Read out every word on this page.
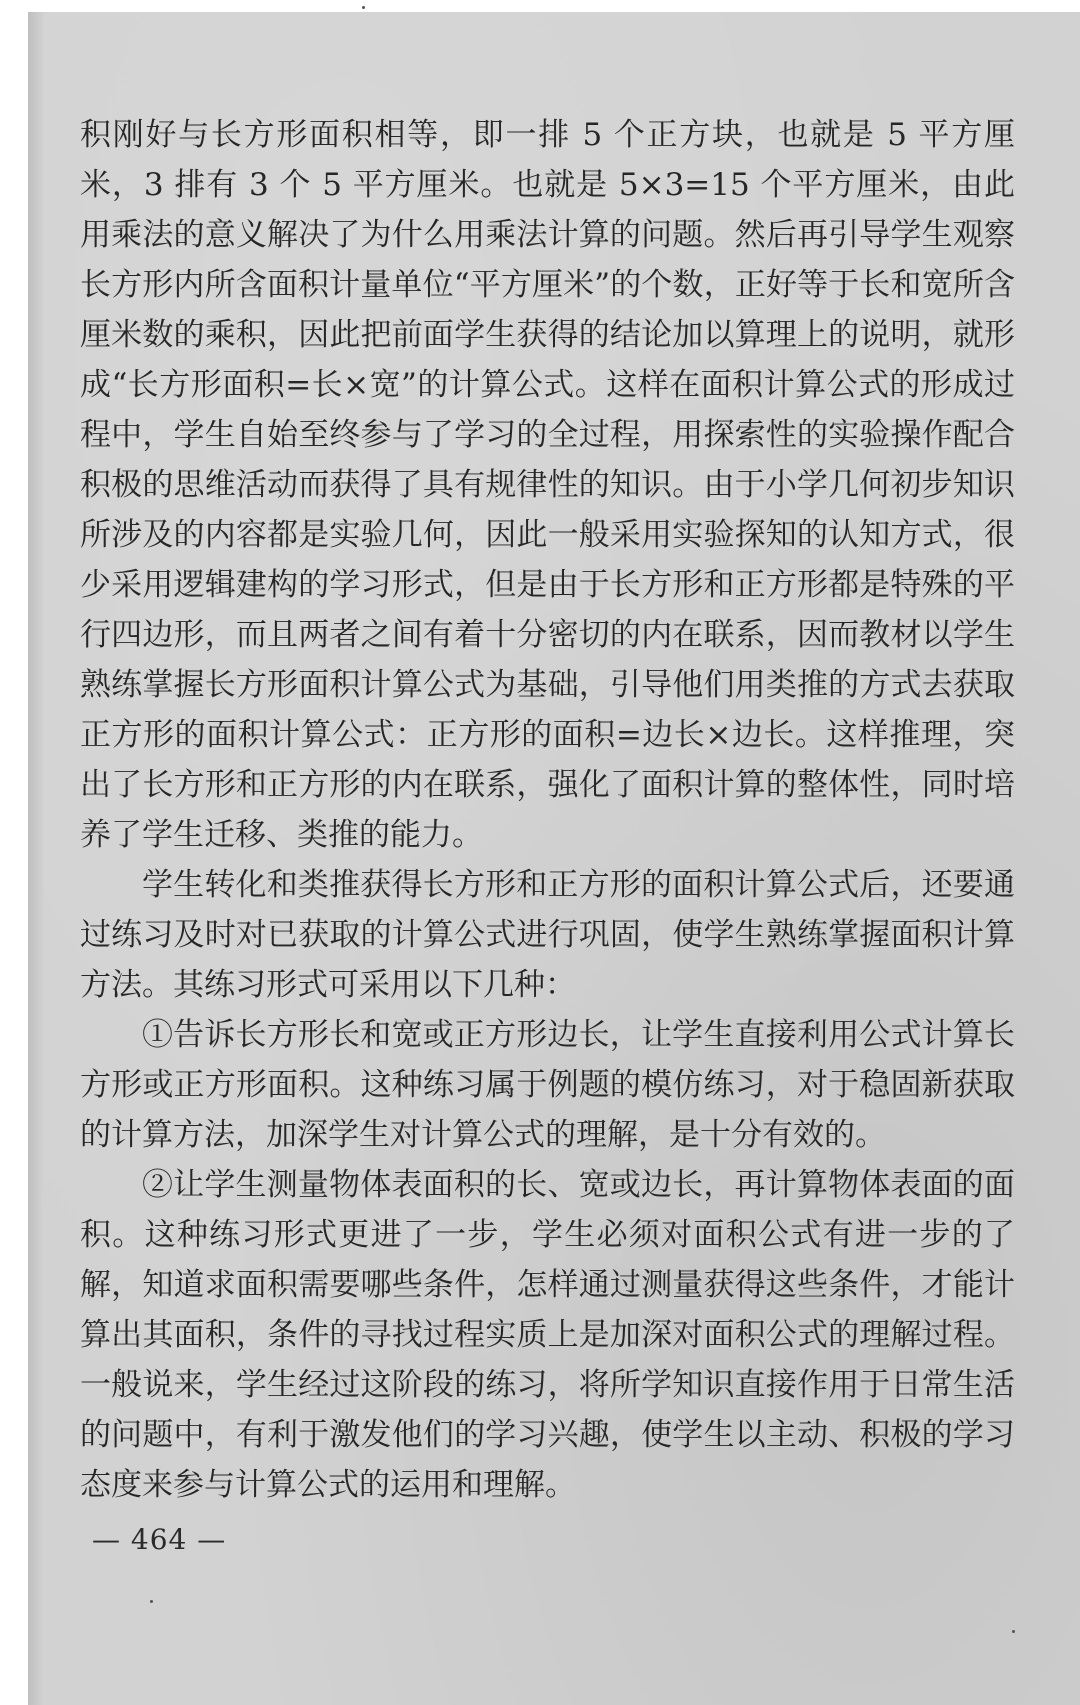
积刚好与长方形面积相等，即一排 5 个正方块，也就是 5 平方厘米，3 排有 3 个 5 平方厘米。也就是 5×3=15 个平方厘米，由此用乘法的意义解决了为什么用乘法计算的问题。然后再引导学生观察长方形内所含面积计量单位“平方厘米”的个数，正好等于长和宽所含厘米数的乘积，因此把前面学生获得的结论加以算理上的说明，就形成“长方形面积=长×宽”的计算公式。这样在面积计算公式的形成过程中，学生自始至终参与了学习的全过程，用探索性的实验操作配合积极的思维活动而获得了具有规律性的知识。由于小学几何初步知识所涉及的内容都是实验几何，因此一般采用实验探知的认知方式，很少采用逻辑建构的学习形式，但是由于长方形和正方形都是特殊的平行四边形，而且两者之间有着十分密切的内在联系，因而教材以学生熟练掌握长方形面积计算公式为基础，引导他们用类推的方式去获取正方形的面积计算公式：正方形的面积=边长×边长。这样推理，突出了长方形和正方形的内在联系，强化了面积计算的整体性，同时培养了学生迁移、类推的能力。

学生转化和类推获得长方形和正方形的面积计算公式后，还要通过练习及时对已获取的计算公式进行巩固，使学生熟练掌握面积计算方法。其练习形式可采用以下几种：

①告诉长方形长和宽或正方形边长，让学生直接利用公式计算长方形或正方形面积。这种练习属于例题的模仿练习，对于稳固新获取的计算方法，加深学生对计算公式的理解，是十分有效的。

②让学生测量物体表面积的长、宽或边长，再计算物体表面的面积。这种练习形式更进了一步，学生必须对面积公式有进一步的了解，知道求面积需要哪些条件，怎样通过测量获得这些条件，才能计算出其面积，条件的寻找过程实质上是加深对面积公式的理解过程。一般说来，学生经过这阶段的练习，将所学知识直接作用于日常生活的问题中，有利于激发他们的学习兴趣，使学生以主动、积极的学习态度来参与计算公式的运用和理解。

— 464 —
